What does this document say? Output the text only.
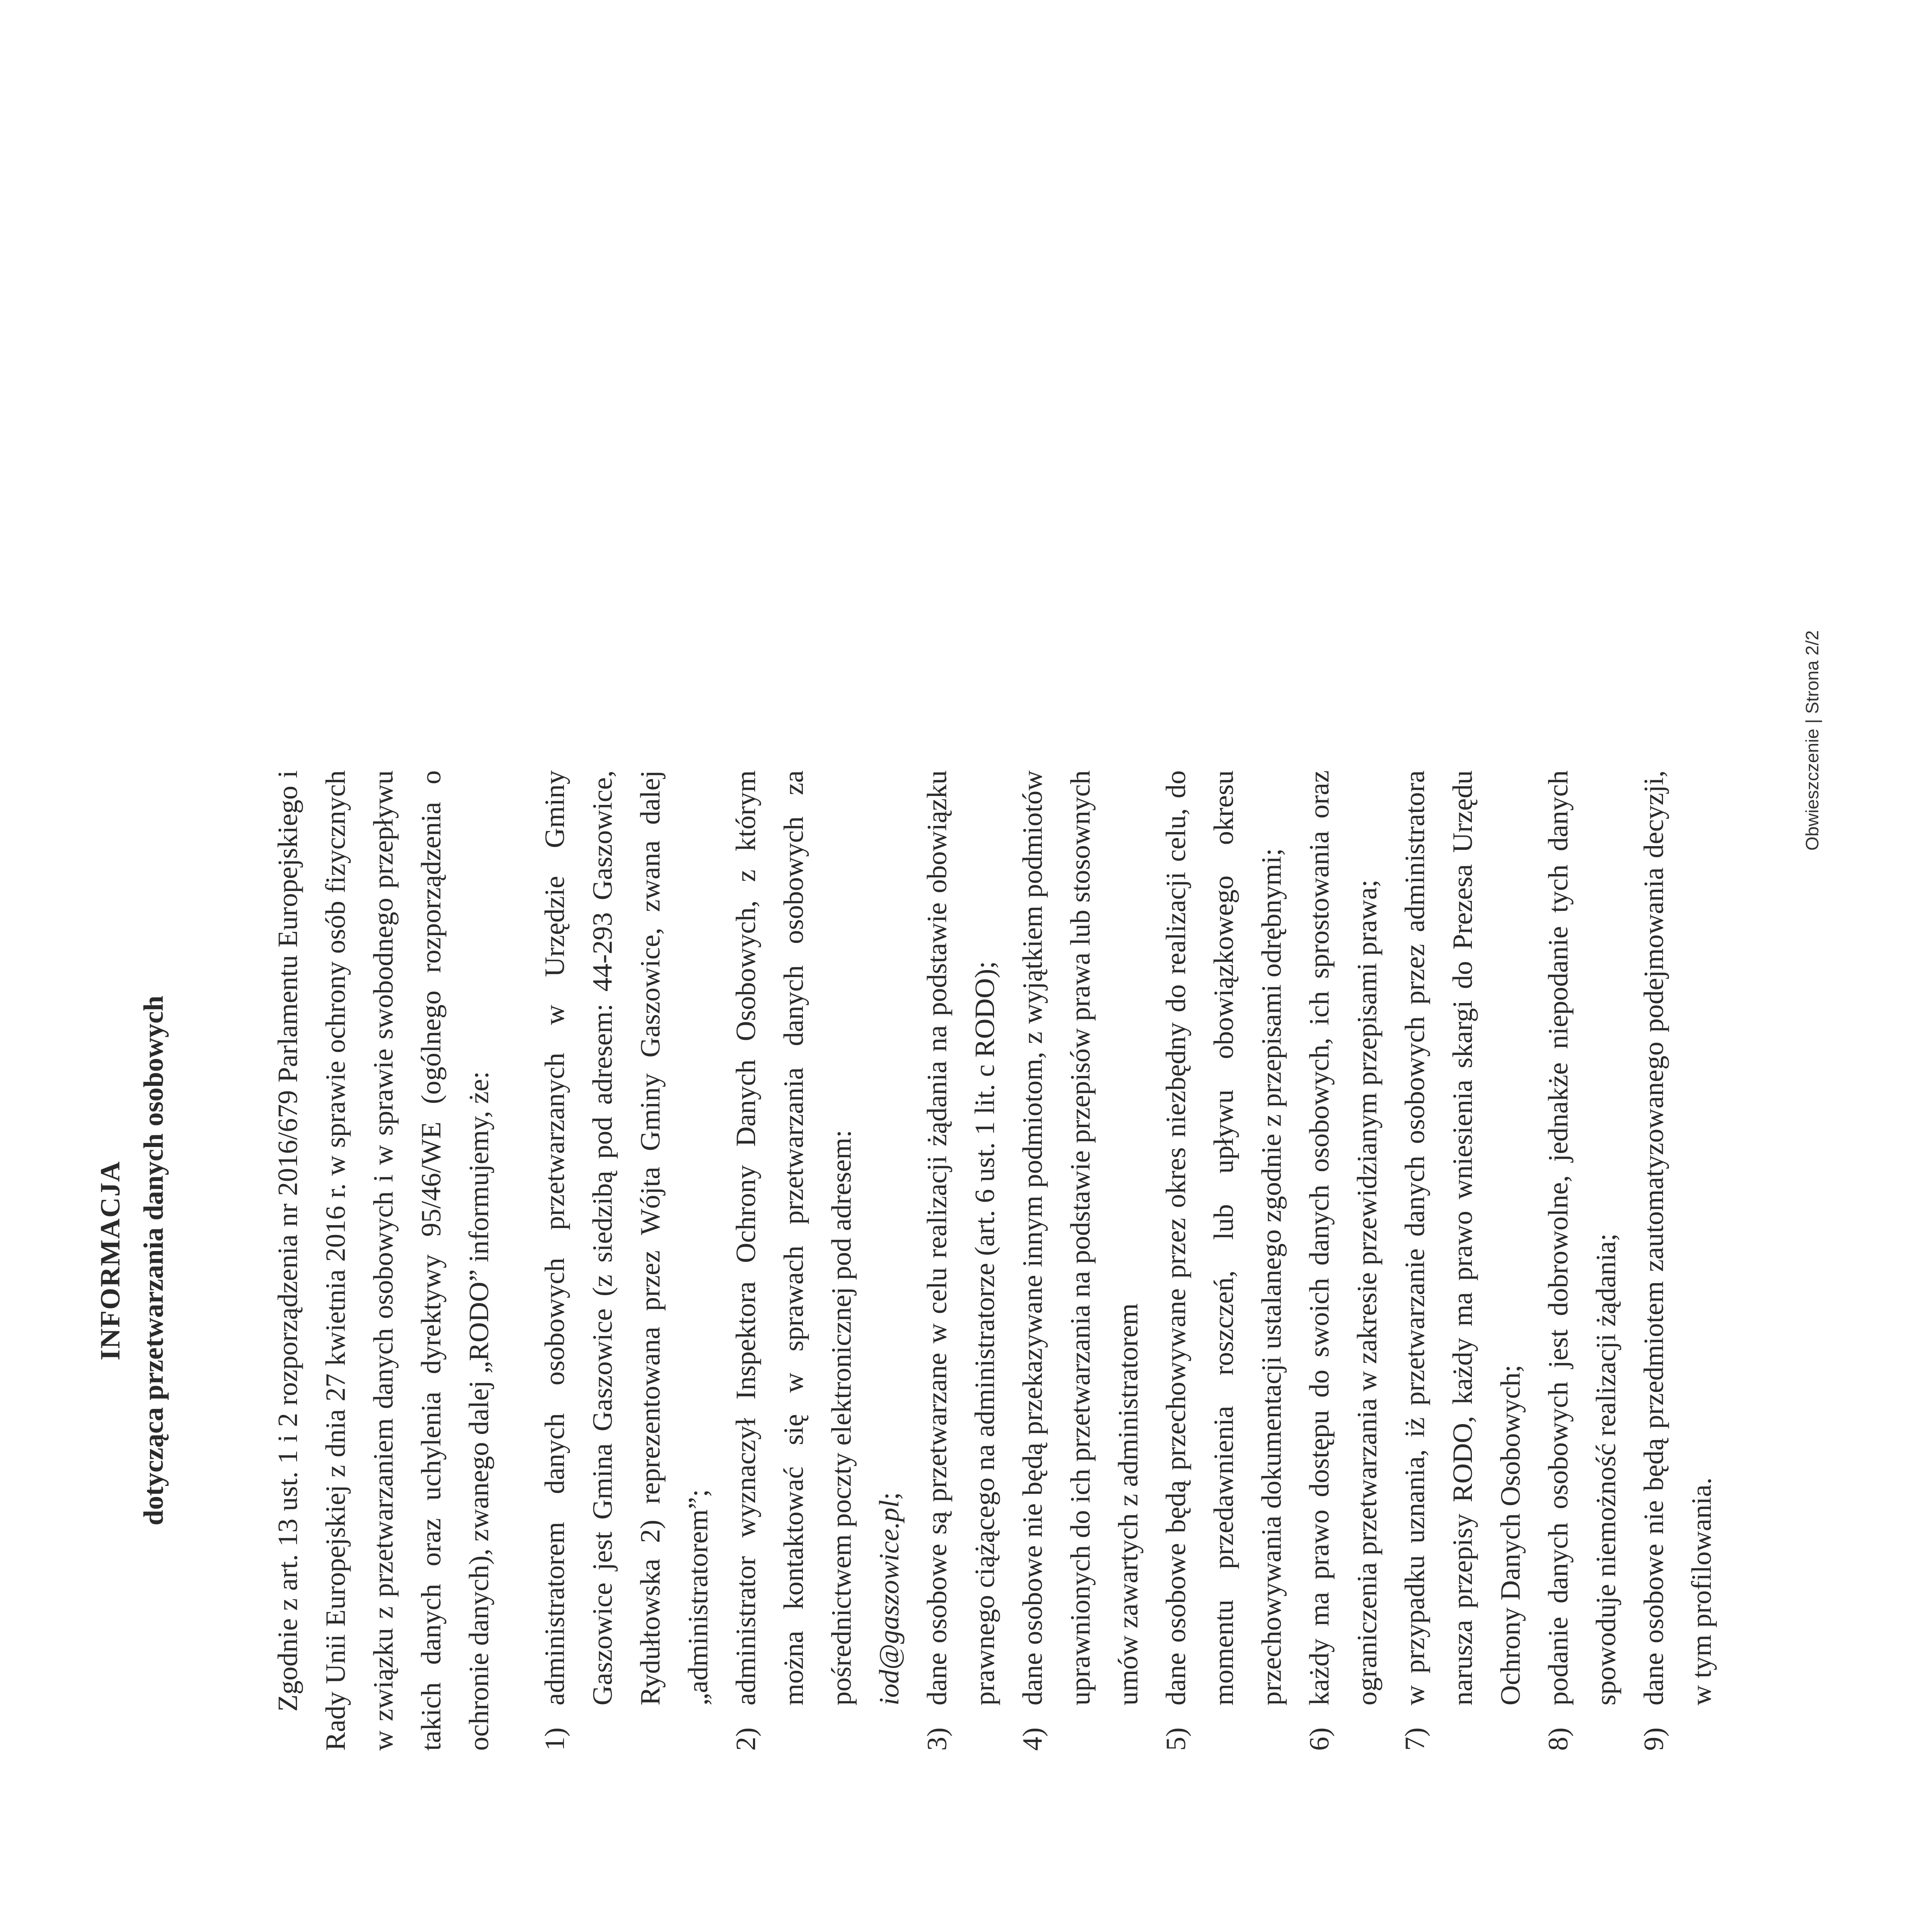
INFORMACJA dotycząca przetwarzania danych osobowych	Zgodnie z art. 13 ust. 1 i 2 rozporządzenia nr 2016/679 Parlamentu Europejskiego i Rady Unii Europejskiej z dnia 27 kwietnia 2016 r. w sprawie ochrony osób fizycznych w związku z przetwarzaniem danych osobowych i w sprawie swobodnego przepływu takich danych oraz uchylenia dyrektywy 95/46/WE (ogólnego rozporządzenia o ochronie danych), zwanego dalej „RODO” informujemy, że: 1)
administratorem danych osobowych przetwarzanych w Urzędzie Gminy Gaszowice jest Gmina Gaszowice (z siedzibą pod adresem: 44-293 Gaszowice, Rydułtowska 2) reprezentowana przez Wójta Gminy Gaszowice, zwana dalej „administratorem”;
2)
administrator wyznaczył Inspektora Ochrony Danych Osobowych, z którym można kontaktować się w sprawach przetwarzania danych osobowych za pośrednictwem poczty elektronicznej pod adresem: iod@gaszowice.pl;
3)
dane osobowe są przetwarzane w celu realizacji żądania na podstawie obowiązku prawnego ciążącego na administratorze (art. 6 ust. 1 lit. c RODO);
4)
dane osobowe nie będą przekazywane innym podmiotom, z wyjątkiem podmiotów uprawnionych do ich przetwarzania na podstawie przepisów prawa lub stosownych umów zawartych z administratorem
5)
dane osobowe będą przechowywane przez okres niezbędny do realizacji celu, do momentu przedawnienia roszczeń, lub upływu obowiązkowego okresu przechowywania dokumentacji ustalanego zgodnie z przepisami odrębnymi;
6)
każdy ma prawo dostępu do swoich danych osobowych, ich sprostowania oraz ograniczenia przetwarzania w zakresie przewidzianym przepisami prawa;
7)
w przypadku uznania, iż przetwarzanie danych osobowych przez administratora narusza przepisy RODO, każdy ma prawo wniesienia skargi do Prezesa Urzędu Ochrony Danych Osobowych;
8)
podanie danych osobowych jest dobrowolne, jednakże niepodanie tych danych spowoduje niemożność realizacji żądania;
9)
dane osobowe nie będą przedmiotem zautomatyzowanego podejmowania decyzji, w tym profilowania.
Obwieszczenie | Strona 2/2
